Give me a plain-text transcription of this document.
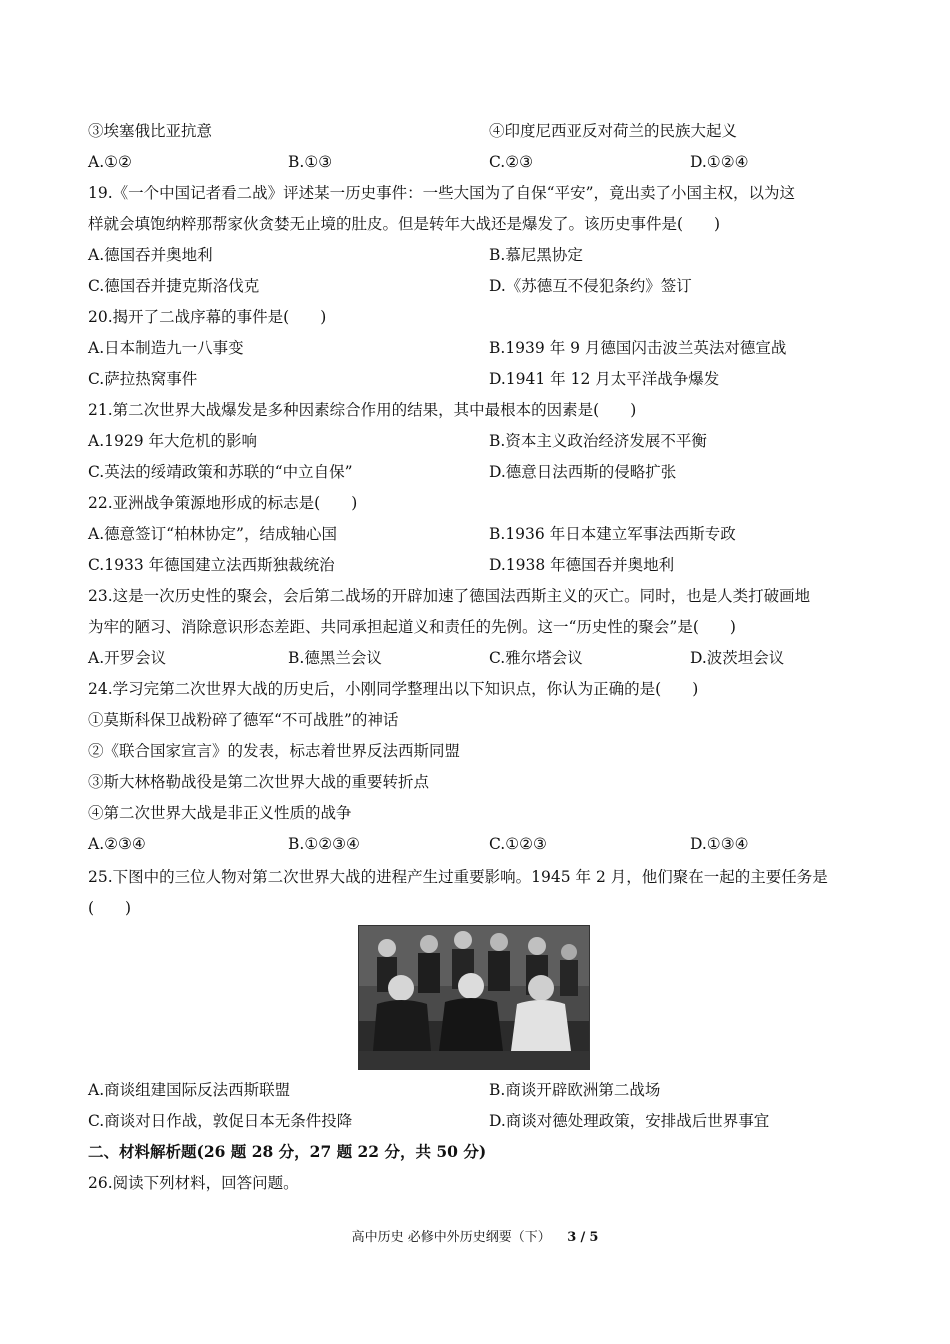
③埃塞俄比亚抗意	④印度尼西亚反对荷兰的民族大起义
A.①②	B.①③	C.②③	D.①②④
19.《一个中国记者看二战》评述某一历史事件：一些大国为了自保“平安”，竟出卖了小国主权，以为这
样就会填饱纳粹那帮家伙贪婪无止境的肚皮。但是转年大战还是爆发了。该历史事件是(　　)
A.德国吞并奥地利	B.慕尼黑协定
C.德国吞并捷克斯洛伐克	D.《苏德互不侵犯条约》签订
20.揭开了二战序幕的事件是(　　)
A.日本制造九一八事变	B.1939 年 9 月德国闪击波兰英法对德宣战
C.萨拉热窝事件	D.1941 年 12 月太平洋战争爆发
21.第二次世界大战爆发是多种因素综合作用的结果，其中最根本的因素是(　　)
A.1929 年大危机的影响	B.资本主义政治经济发展不平衡
C.英法的绥靖政策和苏联的“中立自保”	D.德意日法西斯的侵略扩张
22.亚洲战争策源地形成的标志是(　　)
A.德意签订“柏林协定”，结成轴心国	B.1936 年日本建立军事法西斯专政
C.1933 年德国建立法西斯独裁统治	D.1938 年德国吞并奥地利
23.这是一次历史性的聚会，会后第二战场的开辟加速了德国法西斯主义的灭亡。同时，也是人类打破画地
为牢的陋习、消除意识形态差距、共同承担起道义和责任的先例。这一“历史性的聚会”是(　　)
A.开罗会议	B.德黑兰会议	C.雅尔塔会议	D.波茨坦会议
24.学习完第二次世界大战的历史后，小刚同学整理出以下知识点，你认为正确的是(　　)
①莫斯科保卫战粉碎了德军“不可战胜”的神话
②《联合国家宣言》的发表，标志着世界反法西斯同盟
③斯大林格勒战役是第二次世界大战的重要转折点
④第二次世界大战是非正义性质的战争
A.②③④	B.①②③④	C.①②③	D.①③④
25.下图中的三位人物对第二次世界大战的进程产生过重要影响。1945 年 2 月，他们聚在一起的主要任务是
(　　)
A.商谈组建国际反法西斯联盟	B.商谈开辟欧洲第二战场
C.商谈对日作战，敦促日本无条件投降	D.商谈对德处理政策，安排战后世界事宜
二、材料解析题(26 题 28 分，27 题 22 分，共 50 分)
26.阅读下列材料，回答问题。
高中历史 必修中外历史纲要（下） 3 / 5
